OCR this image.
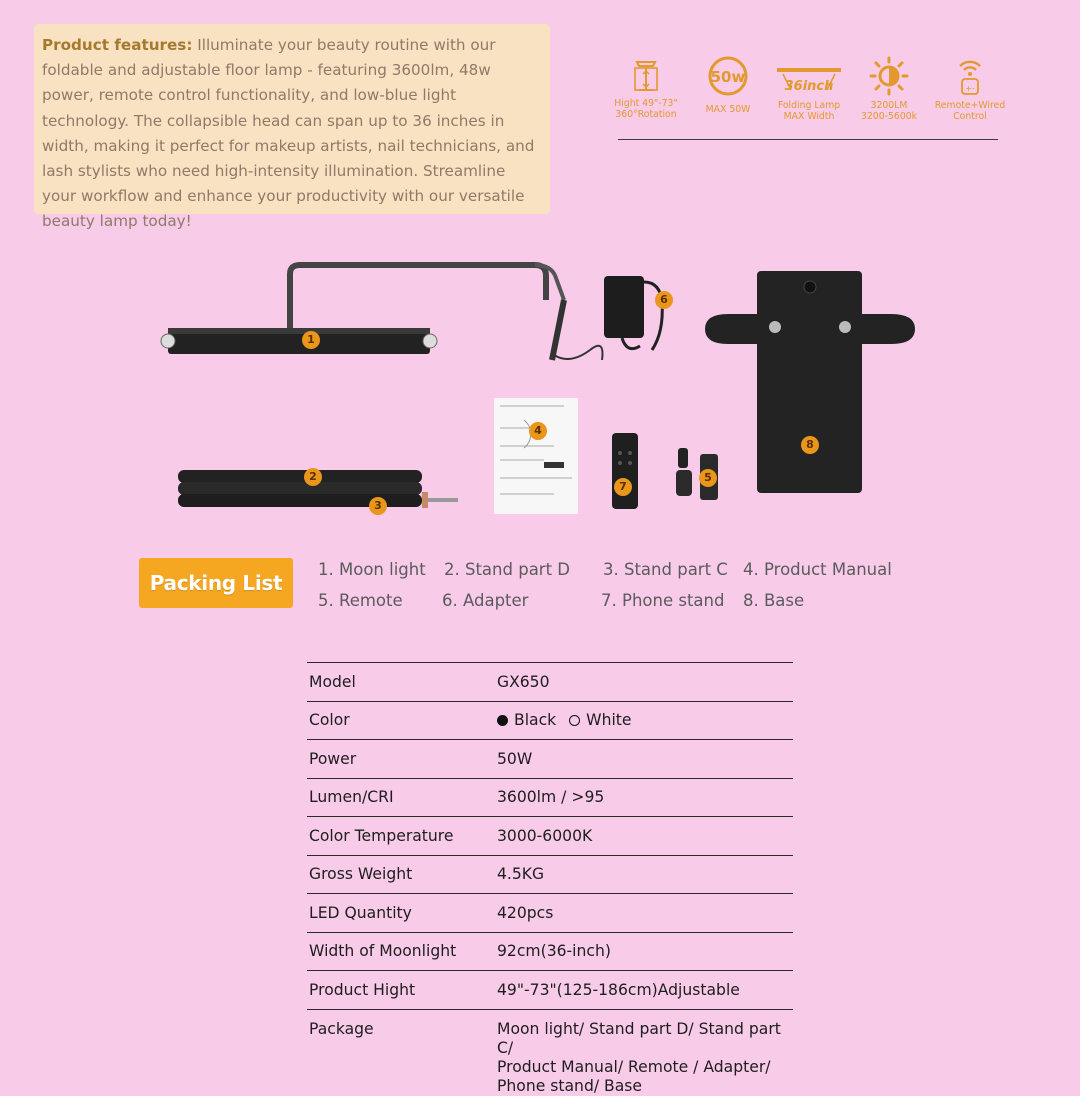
Product features: Illuminate your beauty routine with our foldable and adjustable floor lamp - featuring 3600lm, 48w power, remote control functionality, and low-blue light technology. The collapsible head can span up to 36 inches in width, making it perfect for makeup artists, nail technicians, and lash stylists who need high-intensity illumination. Streamline your workflow and enhance your productivity with our versatile beauty lamp today!
Hight 49"-73"
360°Rotation
50w
MAX 50W
36inch
Folding Lamp
MAX Width
3200LM
3200-5600k
+-
Remote+Wired
Control
1
6
8
4
7
5
2
3
Packing List
1. Moon light 2. Stand part D 3. Stand part C 4. Product Manual
5. Remote 6. Adapter	7. Phone stand 8. Base
Model	GX650
Color	Black White
Power	50W
Lumen/CRI	3600lm / >95
Color Temperature	3000-6000K
Gross Weight	4.5KG
LED Quantity	420pcs
Width of Moonlight	92cm(36-inch)
Product Hight	49"-73"(125-186cm)Adjustable
Package	Moon light/ Stand part D/ Stand part C/
Product Manual/ Remote / Adapter/
Phone stand/ Base
